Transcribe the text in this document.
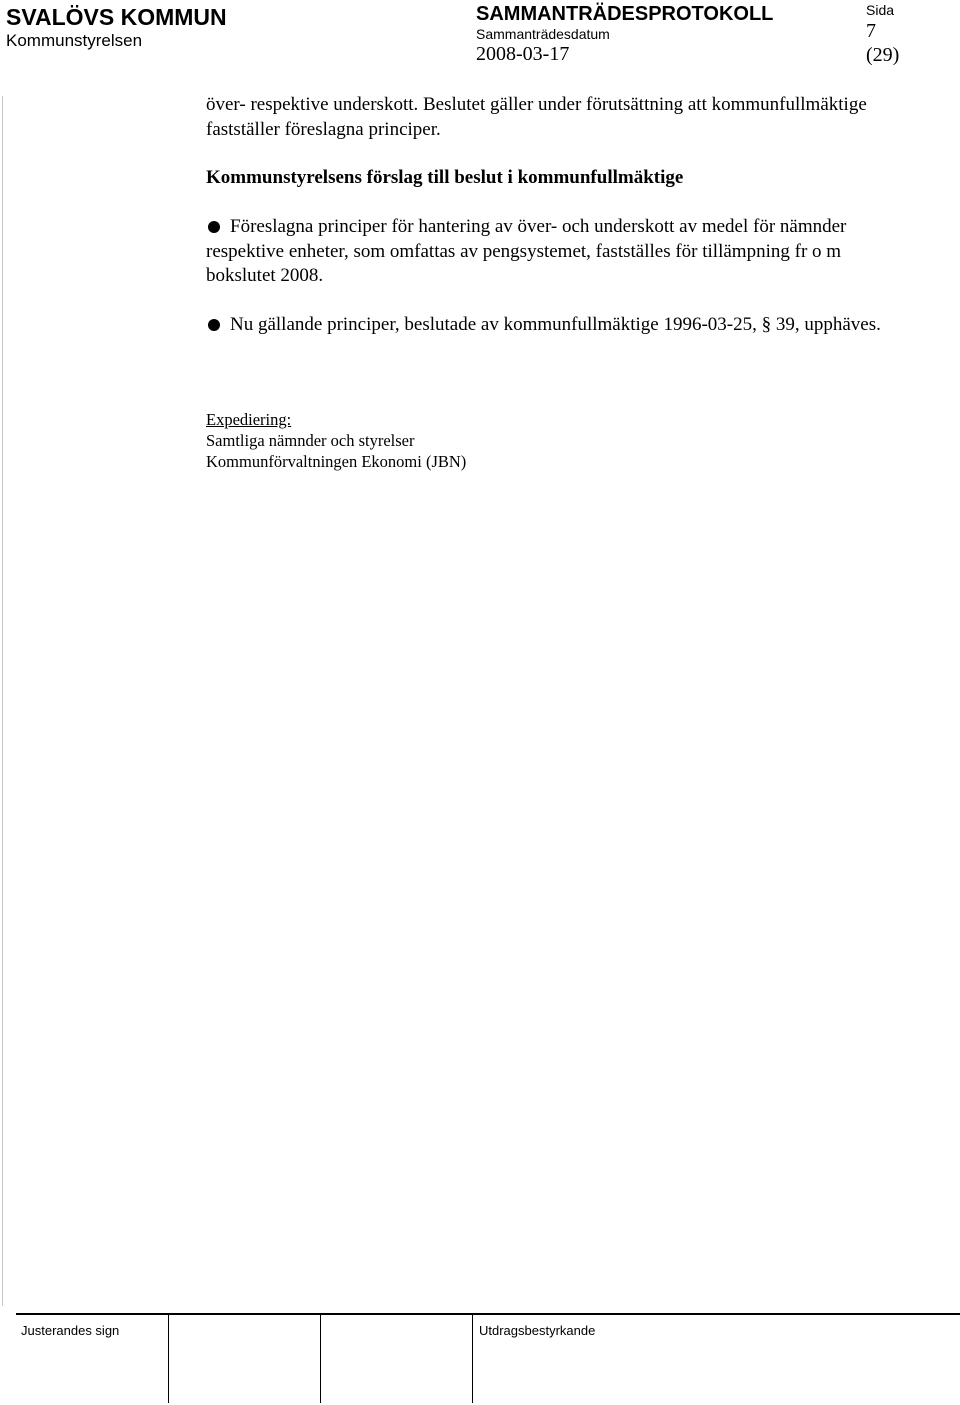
SVALÖVS KOMMUN
Kommunstyrelsen
SAMMANTRÄDESPROTOKOLL
Sammanträdesdatum
2008-03-17
Sida
7
(29)
över- respektive underskott. Beslutet gäller under förutsättning att kommunfullmäktige fastställer föreslagna principer.
Kommunstyrelsens förslag till beslut i kommunfullmäktige
Föreslagna principer för hantering av över- och underskott av medel för nämnder respektive enheter, som omfattas av pengsystemet, fastställes för tillämpning fr o m bokslutet 2008.
Nu gällande principer, beslutade av kommunfullmäktige 1996-03-25, § 39, upphäves.
Expediering:
Samtliga nämnder och styrelser
Kommunförvaltningen Ekonomi (JBN)
Justerandes sign	Utdragsbestyrkande
